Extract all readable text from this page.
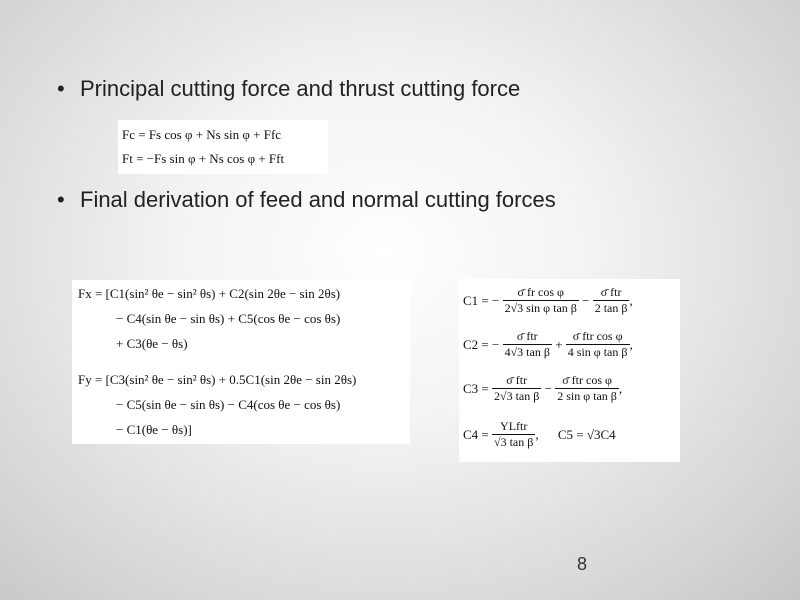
• Principal cutting force and thrust cutting force
Fc = Fs cos φ + Ns sin φ + Ffc
Ft = −Fs sin φ + Ns cos φ + Fft
• Final derivation of feed and normal cutting forces
Fx = [C1(sin² θe − sin² θs) + C2(sin 2θe − sin 2θs)
− C4(sin θe − sin θs) + C5(cos θe − cos θs)
+ C3(θe − θs)
Fy = [C3(sin² θe − sin² θs) + 0.5C1(sin 2θe − sin 2θs)
− C5(sin θe − sin θs) − C4(cos θe − cos θs)
− C1(θe − θs)]
C1 = − $\frac{\text{σ̄ fr cos φ}}{\text{2√3 sin φ tan β}} - \frac{\text{σ̄ ftr}}{\text{2 tan β}}$ ,
C2 = − $\frac{\text{σ̄ ftr}}{\text{4√3 tan β}} + \frac{\text{σ̄ ftr cos φ}}{\text{4 sin φ tan β}}$ ,
$C3 = \frac{\text{σ̄ ftr}}{\text{2√3 tan β}} - \frac{\text{σ̄ ftr cos φ}}{\text{2 sin φ tan β}}$ ,
$C4 = \frac{\text{YLftr}}{\text{√3 tan β}}$ , C5 = √3C4
8
